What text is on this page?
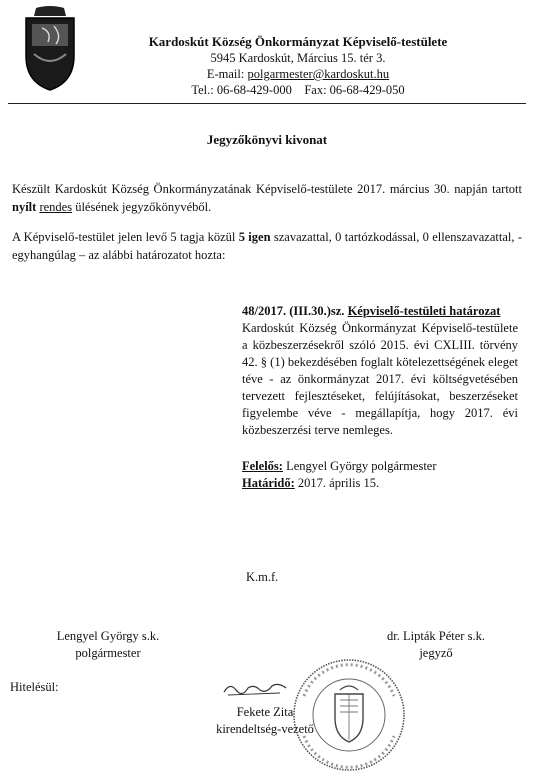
Kardoskút Község Önkormányzat Képviselő-testülete
5945 Kardoskút, Március 15. tér 3.
E-mail: polgarmester@kardoskut.hu
Tel.: 06-68-429-000 Fax: 06-68-429-050
Jegyzőkönyvi kivonat
Készült Kardoskút Község Önkormányzatának Képviselő-testülete 2017. március 30. napján tartott nyílt rendes ülésének jegyzőkönyvéből.
A Képviselő-testület jelen levő 5 tagja közül 5 igen szavazattal, 0 tartózkodással, 0 ellenszavazattal, - egyhangúlag – az alábbi határozatot hozta:
48/2017. (III.30.)sz. Képviselő-testületi határozat
Kardoskút Község Önkormányzat Képviselő-testülete a közbeszerzésekről szóló 2015. évi CXLIII. törvény 42. § (1) bekezdésében foglalt kötelezettségének eleget téve - az önkormányzat 2017. évi költségvetésében tervezett fejlesztéseket, felújításokat, beszerzéseket figyelembe véve - megállapítja, hogy 2017. évi közbeszerzési terve nemleges.
Felelős: Lengyel György polgármester
Határidő: 2017. április 15.
K.m.f.
Lengyel György s.k.
polgármester
dr. Lipták Péter s.k.
jegyző
Hitelésül:
Fekete Zita
kirendeltség-vezető
